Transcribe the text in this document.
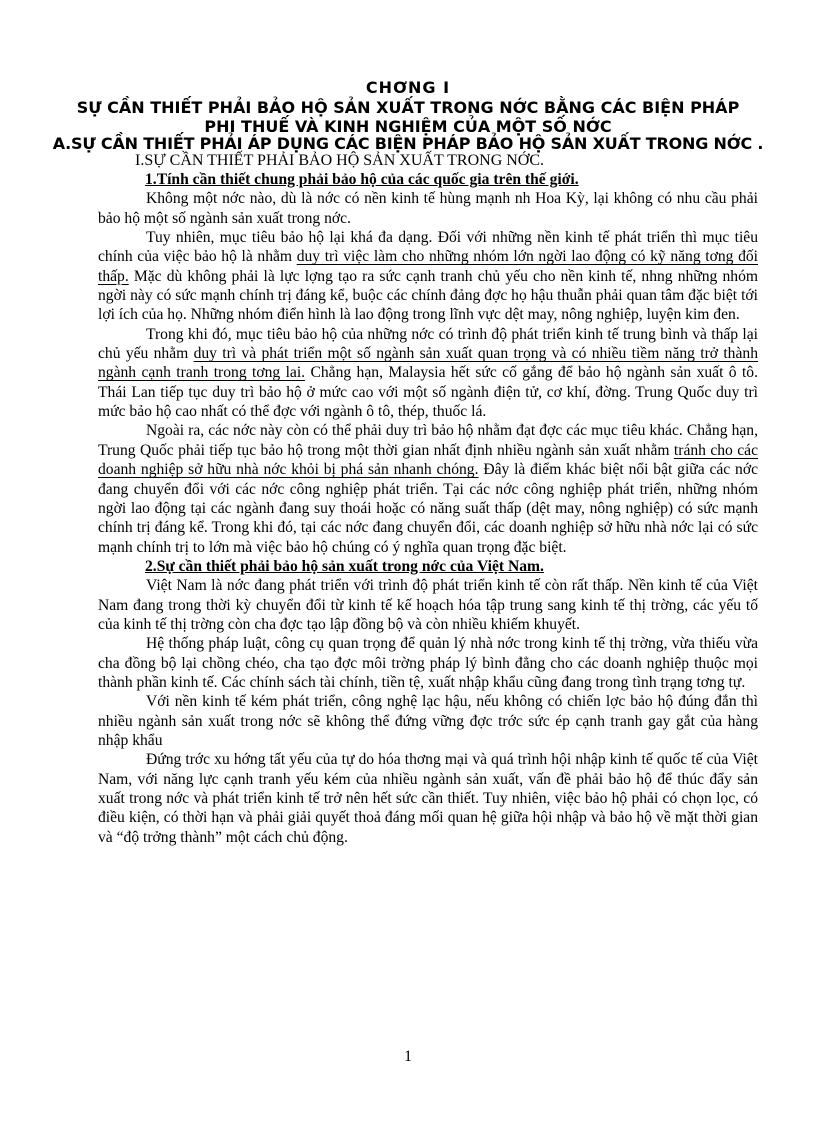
CHƠNG I
SỰ CẦN THIẾT PHẢI BẢO HỘ SẢN XUẤT TRONG NỚC BẰNG CÁC BIỆN PHÁP
PHI THUẾ VÀ KINH NGHIỆM CỦA MỘT SỐ NỚC
A.SỰ CẦN THIẾT PHẢI ÁP DỤNG CÁC BIỆN PHÁP BẢO HỘ SẢN XUẤT TRONG NỚC .

I.SỰ CẦN THIẾT PHẢI BẢO HỘ SẢN XUẤT TRONG NỚC.

1.Tính cần thiết chung phải bảo hộ của các quốc gia trên thế giới.

Không một nớc nào, dù là nớc có nền kinh tế hùng mạnh nh Hoa Kỳ, lại không có nhu cầu phải bảo hộ một số ngành sản xuất trong nớc.

Tuy nhiên, mục tiêu bảo hộ lại khá đa dạng. Đối với những nền kinh tế phát triển thì mục tiêu chính của việc bảo hộ là nhằm duy trì việc làm cho những nhóm lớn ngời lao động có kỹ năng tơng đối thấp. Mặc dù không phải là lực lợng tạo ra sức cạnh tranh chủ yếu cho nền kinh tế, nhng những nhóm ngời này có sức mạnh chính trị đáng kể, buộc các chính đảng đợc họ hậu thuẫn phải quan tâm đặc biệt tới lợi ích của họ. Những nhóm điển hình là lao động trong lĩnh vực dệt may, nông nghiệp, luyện kim đen.

Trong khi đó, mục tiêu bảo hộ của những nớc có trình độ phát triển kinh tế trung bình và thấp lại chủ yếu nhằm duy trì và phát triển một số ngành sản xuất quan trọng và có nhiều tiềm năng trở thành ngành cạnh tranh trong tơng lai. Chẳng hạn, Malaysia hết sức cố gắng để bảo hộ ngành sản xuất ô tô. Thái Lan tiếp tục duy trì bảo hộ ở mức cao với một số ngành điện tử, cơ khí, đờng. Trung Quốc duy trì mức bảo hộ cao nhất có thể đợc với ngành ô tô, thép, thuốc lá.

Ngoài ra, các nớc này còn có thể phải duy trì bảo hộ nhằm đạt đợc các mục tiêu khác. Chẳng hạn, Trung Quốc phải tiếp tục bảo hộ trong một thời gian nhất định nhiều ngành sản xuất nhằm tránh cho các doanh nghiệp sở hữu nhà nớc khỏi bị phá sản nhanh chóng. Đây là điểm khác biệt nổi bật giữa các nớc đang chuyển đổi với các nớc công nghiệp phát triển. Tại các nớc công nghiệp phát triển, những nhóm ngời lao động tại các ngành đang suy thoái hoặc có năng suất thấp (dệt may, nông nghiệp) có sức mạnh chính trị đáng kể. Trong khi đó, tại các nớc đang chuyển đổi, các doanh nghiệp sở hữu nhà nớc lại có sức mạnh chính trị to lớn mà việc bảo hộ chúng có ý nghĩa quan trọng đặc biệt.

2.Sự cần thiết phải bảo hộ sản xuất trong nớc của Việt Nam.

Việt Nam là nớc đang phát triển với trình độ phát triển kinh tế còn rất thấp. Nền kinh tế của Việt Nam đang trong thời kỳ chuyển đổi từ kinh tế kế hoạch hóa tập trung sang kinh tế thị trờng, các yếu tố của kinh tế thị trờng còn cha đợc tạo lập đồng bộ và còn nhiều khiếm khuyết.

Hệ thống pháp luật, công cụ quan trọng để quản lý nhà nớc trong kinh tế thị trờng, vừa thiếu vừa cha đồng bộ lại chồng chéo, cha tạo đợc môi trờng pháp lý bình đẳng cho các doanh nghiệp thuộc mọi thành phần kinh tế. Các chính sách tài chính, tiền tệ, xuất nhập khẩu cũng đang trong tình trạng tơng tự.

Với nền kinh tế kém phát triển, công nghệ lạc hậu, nếu không có chiến lợc bảo hộ đúng đắn thì nhiều ngành sản xuất trong nớc sẽ không thể đứng vững đợc trớc sức ép cạnh tranh gay gắt của hàng nhập khẩu

Đứng trớc xu hớng tất yếu của tự do hóa thơng mại và quá trình hội nhập kinh tế quốc tế của Việt Nam, với năng lực cạnh tranh yếu kém của nhiều ngành sản xuất, vấn đề phải bảo hộ để thúc đẩy sản xuất trong nớc và phát triển kinh tế trở nên hết sức cần thiết. Tuy nhiên, việc bảo hộ phải có chọn lọc, có điều kiện, có thời hạn và phải giải quyết thoả đáng mối quan hệ giữa hội nhập và bảo hộ về mặt thời gian và “độ trởng thành” một cách chủ động.

1
